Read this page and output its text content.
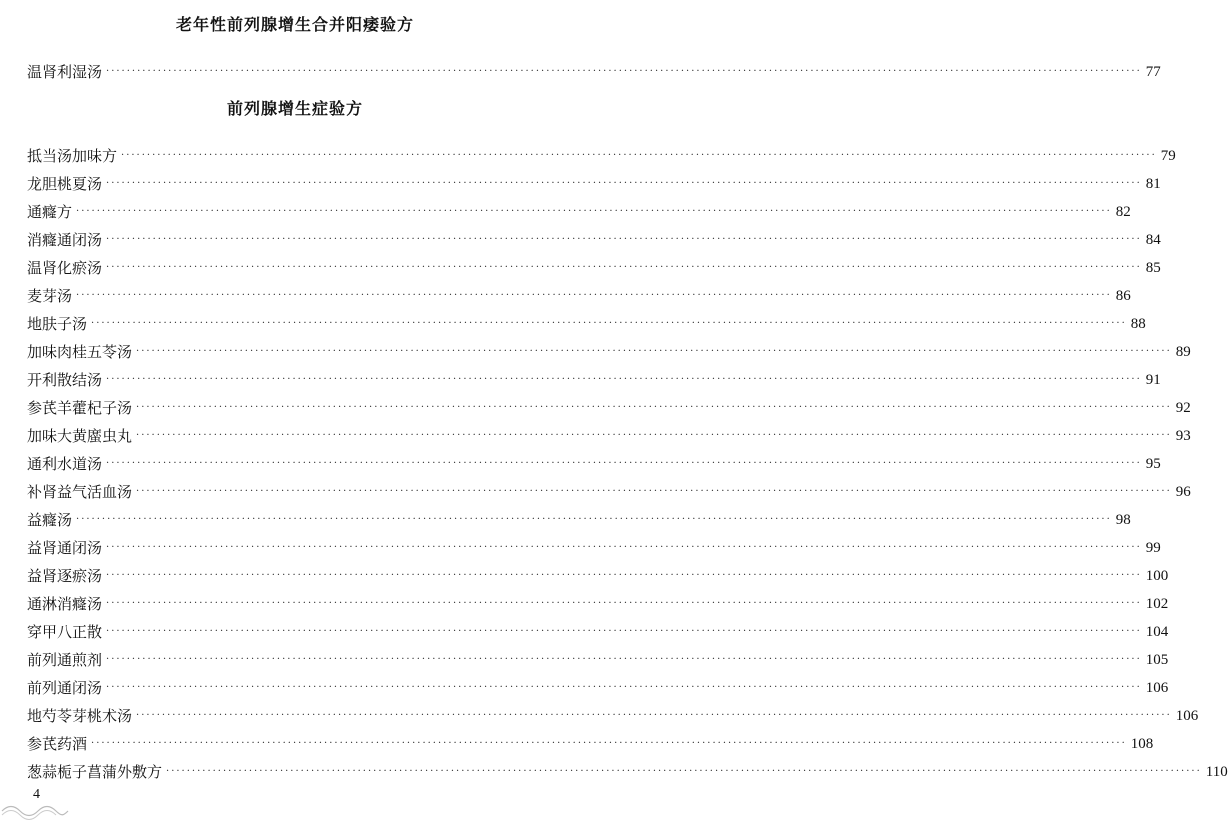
老年性前列腺增生合并阳痿验方
温肾利湿汤 ········································································································································································································ 77
前列腺增生症验方
抵当汤加味方 ········································································································································································································ 79
龙胆桃夏汤 ········································································································································································································ 81
通癃方 ········································································································································································································ 82
消癃通闭汤 ········································································································································································································ 84
温肾化瘀汤 ········································································································································································································ 85
麦芽汤 ········································································································································································································ 86
地肤子汤 ········································································································································································································ 88
加味肉桂五苓汤 ········································································································································································································ 89
开利散结汤 ········································································································································································································ 91
参芪羊藿杞子汤 ········································································································································································································ 92
加味大黄䗪虫丸 ········································································································································································································ 93
通利水道汤 ········································································································································································································ 95
补肾益气活血汤 ········································································································································································································ 96
益癃汤 ········································································································································································································ 98
益肾通闭汤 ········································································································································································································ 99
益肾逐瘀汤 ········································································································································································································ 100
通淋消癃汤 ········································································································································································································ 102
穿甲八正散 ········································································································································································································ 104
前列通煎剂 ········································································································································································································ 105
前列通闭汤 ········································································································································································································ 106
地芍苓芽桃术汤 ········································································································································································································ 106
参芪药酒 ········································································································································································································ 108
葱蒜栀子菖蒲外敷方 ········································································································································································································ 110
4
